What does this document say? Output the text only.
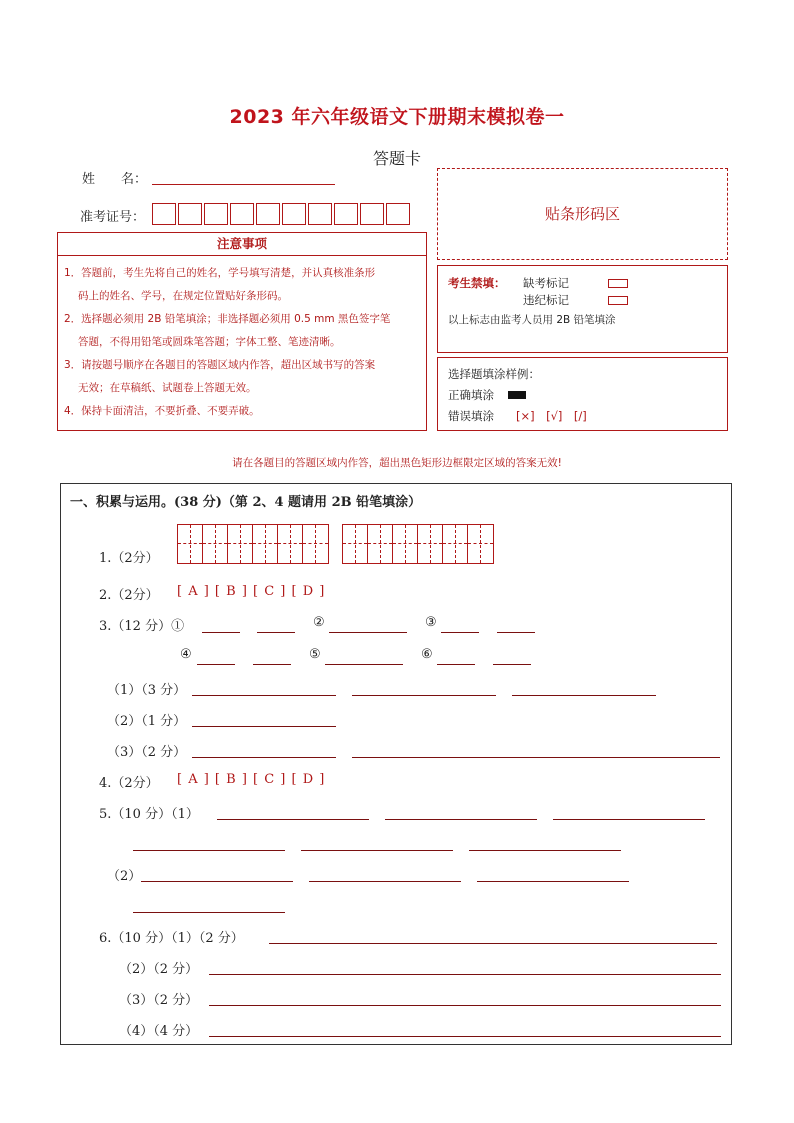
2023 年六年级语文下册期末模拟卷一
答题卡
姓　　名：
准考证号：	贴条形码区
注意事项
1．答题前，考生先将自己的姓名，学号填写清楚，并认真核准条形
码上的姓名、学号，在规定位置贴好条形码。
2．选择题必须用 2B 铅笔填涂；非选择题必须用 0.5 mm 黑色签字笔
答题，不得用铅笔或圆珠笔答题；字体工整、笔迹清晰。
3．请按题号顺序在各题目的答题区域内作答，超出区域书写的答案
无效；在草稿纸、试题卷上答题无效。
4．保持卡面清洁，不要折叠、不要弄破。
考生禁填： 缺考标记
违纪标记
以上标志由监考人员用 2B 铅笔填涂
选择题填涂样例：
正确填涂
错误填涂 [×]　[√]　[/]
请在各题目的答题区域内作答，超出黑色矩形边框限定区域的答案无效!
一、积累与运用。(38 分)（第 2、4 题请用 2B 铅笔填涂）
1.（2分）
2.（2分） [ A ] [ B ] [ C ] [ D ]
3.（12 分）①	②	③
④	⑤	⑥
（1）（3 分）
（2）（1 分）
（3）（2 分）
4.（2分） [ A ] [ B ] [ C ] [ D ]
5.（10 分）（1）
（2）
6.（10 分）（1）（2 分）
（2）（2 分）
（3）（2 分）
（4）（4 分）
